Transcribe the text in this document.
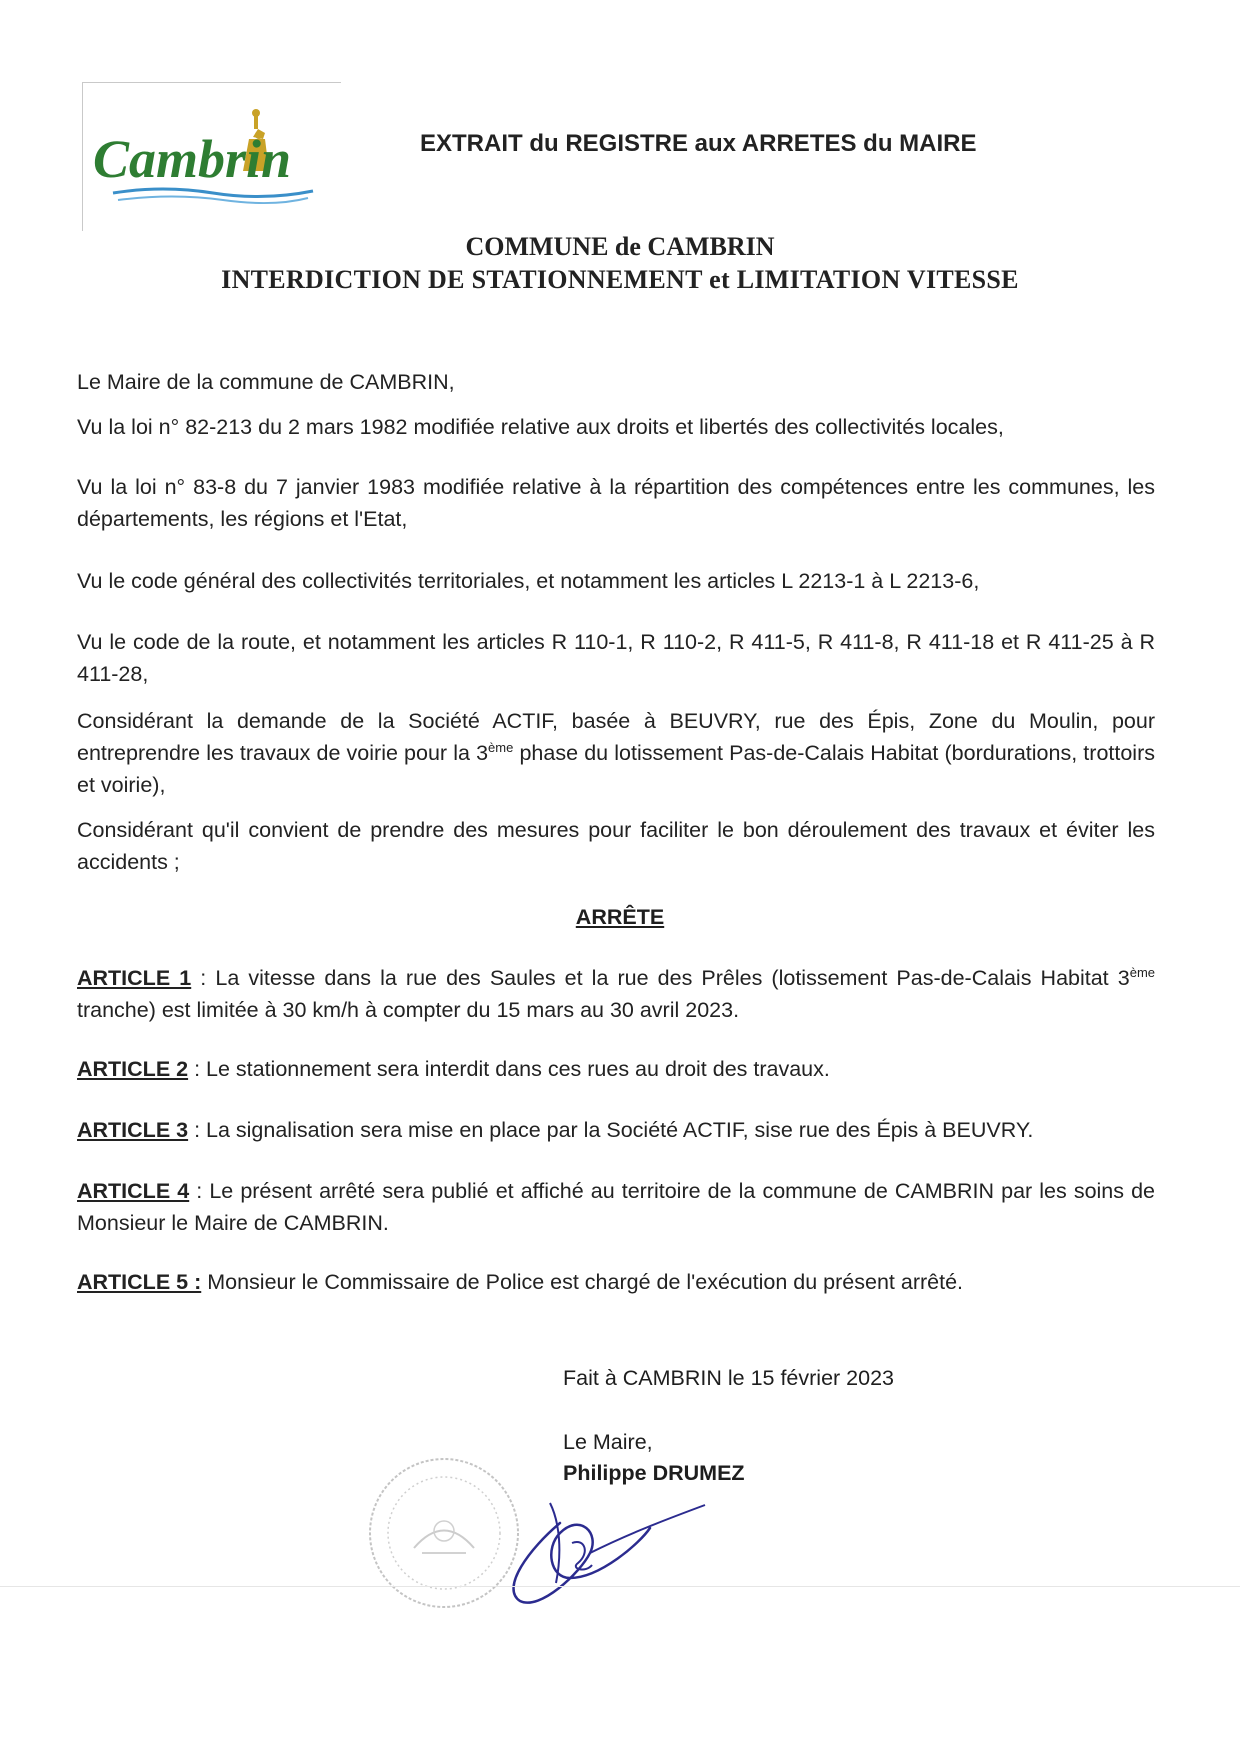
Cambrin	EXTRAIT du REGISTRE aux ARRETES du MAIRE
COMMUNE de CAMBRIN
INTERDICTION DE STATIONNEMENT et LIMITATION VITESSE
Le Maire de la commune de CAMBRIN,
Vu la loi n° 82-213 du 2 mars 1982 modifiée relative aux droits et libertés des collectivités locales,
Vu la loi n° 83-8 du 7 janvier 1983 modifiée relative à la répartition des compétences entre les communes, les départements, les régions et l'Etat,
Vu le code général des collectivités territoriales, et notamment les articles L 2213-1 à L 2213-6,
Vu le code de la route, et notamment les articles R 110-1, R 110-2, R 411-5, R 411-8, R 411-18 et R 411-25 à R 411-28,
Considérant la demande de la Société ACTIF, basée à BEUVRY, rue des Épis, Zone du Moulin, pour entreprendre les travaux de voirie pour la 3ème phase du lotissement Pas-de-Calais Habitat (bordurations, trottoirs et voirie),
Considérant qu'il convient de prendre des mesures pour faciliter le bon déroulement des travaux et éviter les accidents ;
ARRÊTE
ARTICLE 1 : La vitesse dans la rue des Saules et la rue des Prêles (lotissement Pas-de-Calais Habitat 3ème tranche) est limitée à 30 km/h à compter du 15 mars au 30 avril 2023.
ARTICLE 2 : Le stationnement sera interdit dans ces rues au droit des travaux.
ARTICLE 3 : La signalisation sera mise en place par la Société ACTIF, sise rue des Épis à BEUVRY.
ARTICLE 4 : Le présent arrêté sera publié et affiché au territoire de la commune de CAMBRIN par les soins de Monsieur le Maire de CAMBRIN.
ARTICLE 5 : Monsieur le Commissaire de Police est chargé de l'exécution du présent arrêté.
Fait à CAMBRIN le 15 février 2023
Le Maire,
Philippe DRUMEZ
